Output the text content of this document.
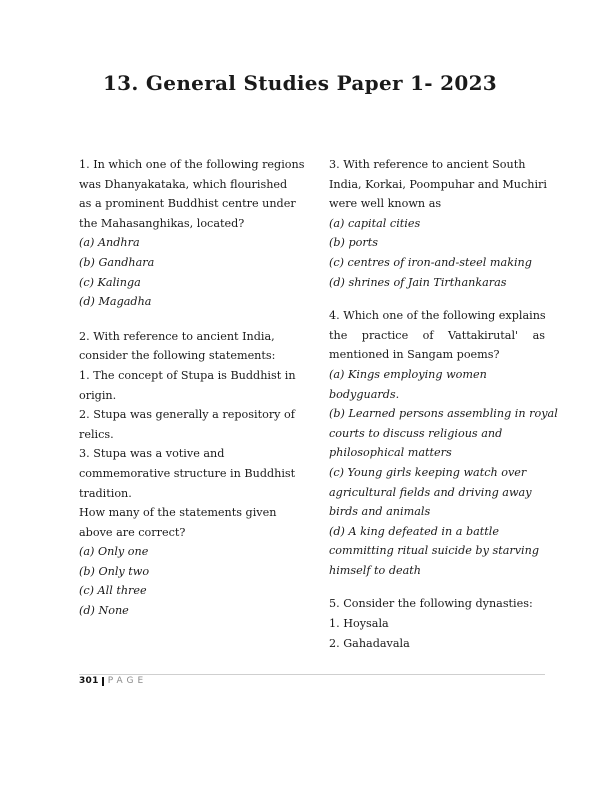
13. General Studies Paper 1- 2023
1. In which one of the following regions
was Dhanyakataka, which flourished
as a prominent Buddhist centre under
the Mahasanghikas, located?
(a) Andhra
(b) Gandhara
(c) Kalinga
(d) Magadha
2. With reference to ancient India,
consider the following statements:
1. The concept of Stupa is Buddhist in
origin.
2. Stupa was generally a repository of
relics.
3. Stupa was a votive and
commemorative structure in Buddhist
tradition.
How many of the statements given
above are correct?
(a) Only one
(b) Only two
(c) All three
(d) None
3. With reference to ancient South
India, Korkai, Poompuhar and Muchiri
were well known as
(a) capital cities
(b) ports
(c) centres of iron-and-steel making
(d) shrines of Jain Tirthankaras
4. Which one of the following explains
the practice of Vattakirutal' as
mentioned in Sangam poems?
(a) Kings employing women
bodyguards.
(b) Learned persons assembling in royal
courts to discuss religious and
philosophical matters
(c) Young girls keeping watch over
agricultural fields and driving away
birds and animals
(d) A king defeated in a battle
committing ritual suicide by starving
himself to death
5. Consider the following dynasties:
1. Hoysala
2. Gahadavala
301 PAGE
